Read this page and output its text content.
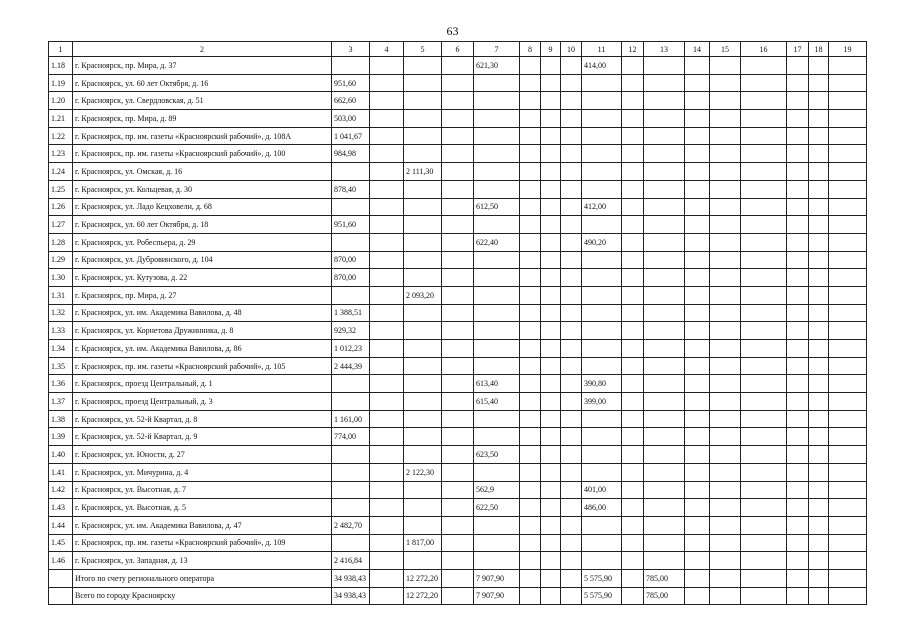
63
1	2	3	4	5	6	7	8	9	10	11	12	13	14	15	16	17	18	19
1.18	г. Красноярск, пр. Мира, д. 37					621,30				414,00								
1.19	г. Красноярск, ул. 60 лет Октября, д. 16	951,60																
1.20	г. Красноярск, ул. Свердловская, д. 51	662,60																
1.21	г. Красноярск, пр. Мира, д. 89	503,00																
1.22	г. Красноярск, пр. им. газеты «Красноярский рабочий», д. 108А	1 041,67																
1.23	г. Красноярск, пр. им. газеты «Красноярский рабочий», д. 100	984,98																
1.24	г. Красноярск, ул. Омская, д. 16			2 111,30														
1.25	г. Красноярск, ул. Кольцевая, д. 30	878,40																
1.26	г. Красноярск, ул. Ладо Кецховели, д. 68					612,50				412,00								
1.27	г. Красноярск, ул. 60 лет Октября, д. 18	951,60																
1.28	г. Красноярск, ул. Робеспьера, д. 29					622,40				490,20								
1.29	г. Красноярск, ул. Дубровинского, д. 104	870,00																
1.30	г. Красноярск, ул. Кутузова, д. 22	870,00																
1.31	г. Красноярск, пр. Мира, д. 27			2 093,20														
1.32	г. Красноярск, ул. им. Академика Вавилова, д. 48	1 388,51																
1.33	г. Красноярск, ул. Корнетова Дружинника, д. 8	929,32																
1.34	г. Красноярск, ул. им. Академика Вавилова, д. 86	1 012,23																
1.35	г. Красноярск, пр. им. газеты «Красноярский рабочий», д. 105	2 444,39																
1.36	г. Красноярск, проезд Центральный, д. 1					613,40				390,80								
1.37	г. Красноярск, проезд Центральный, д. 3					615,40				399,00								
1.38	г. Красноярск, ул. 52-й Квартал, д. 8	1 161,00																
1.39	г. Красноярск, ул. 52-й Квартал, д. 9	774,00																
1.40	г. Красноярск, ул. Юности, д. 27					623,50												
1.41	г. Красноярск, ул. Мичурина, д. 4			2 122,30														
1.42	г. Красноярск, ул. Высотная, д. 7					562,9				401,00								
1.43	г. Красноярск, ул. Высотная, д. 5					622,50				486,00								
1.44	г. Красноярск, ул. им. Академика Вавилова, д. 47	2 482,70																
1.45	г. Красноярск, пр. им. газеты «Красноярский рабочий», д. 109			1 817,00														
1.46	г. Красноярск, ул. Западная, д. 13	2 416,84																
	Итого по счету регионального оператора	34 938,43		12 272,20		7 907,90				5 575,90		785,00						
	Всего по городу Красноярску	34 938,43		12 272,20		7 907,90				5 575,90		785,00						
